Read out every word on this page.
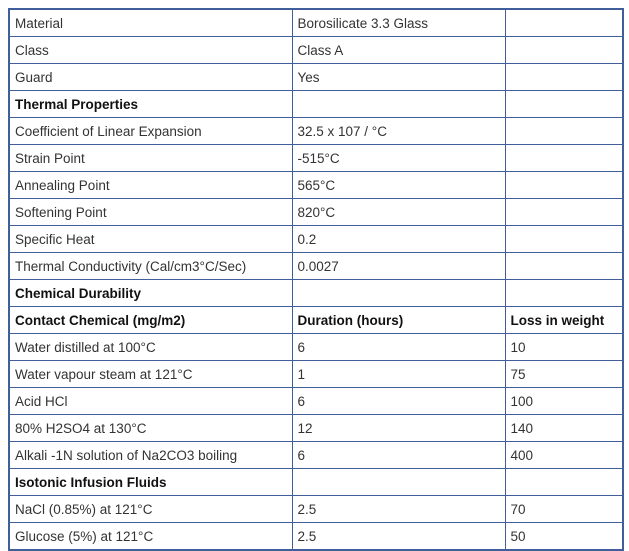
Material	Borosilicate 3.3 Glass	
Class	Class A	
Guard	Yes	
Thermal Properties		
Coefficient of Linear Expansion	32.5 x 107 / °C	
Strain Point	-515°C	
Annealing Point	565°C	
Softening Point	820°C	
Specific Heat	0.2	
Thermal Conductivity (Cal/cm3°C/Sec)	0.0027	
Chemical Durability		
Contact Chemical (mg/m2)	Duration (hours)	Loss in weight
Water distilled at 100°C	6	10
Water vapour steam at 121°C	1	75
Acid HCl	6	100
80% H2SO4 at 130°C	12	140
Alkali -1N solution of Na2CO3 boiling	6	400
Isotonic Infusion Fluids		
NaCl (0.85%) at 121°C	2.5	70
Glucose (5%) at 121°C	2.5	50
